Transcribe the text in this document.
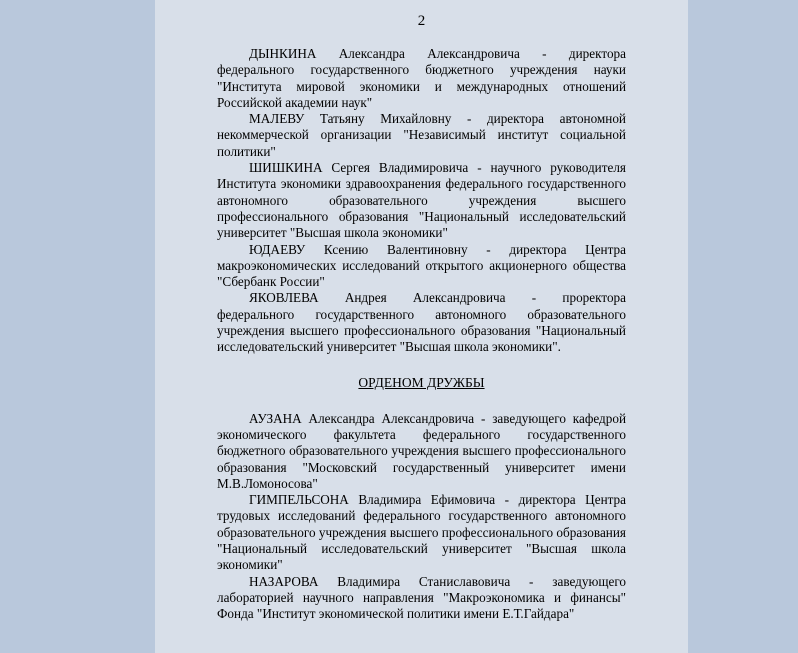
2
ДЫНКИНА Александра Александровича - директора
федерального государственного бюджетного учреждения науки "Института мировой экономики и международных отношений Российской академии наук"
МАЛЕВУ Татьяну Михайловну - директора автономной
некоммерческой организации "Независимый институт социальной политики"
ШИШКИНА Сергея Владимировича - научного руководителя
Института экономики здравоохранения федерального государственного автономного образовательного учреждения высшего профессионального образования "Национальный исследовательский университет "Высшая школа экономики"
ЮДАЕВУ Ксению Валентиновну - директора Центра
макроэкономических исследований открытого акционерного общества "Сбербанк России"
ЯКОВЛЕВА Андрея Александровича - проректора
федерального государственного автономного образовательного учреждения высшего профессионального образования "Национальный исследовательский университет "Высшая школа экономики".
ОРДЕНОМ ДРУЖБЫ
АУЗАНА Александра Александровича - заведующего кафедрой
экономического факультета федерального государственного бюджетного образовательного учреждения высшего профессионального образования "Московский государственный университет имени М.В.Ломоносова"
ГИМПЕЛЬСОНА Владимира Ефимовича - директора Центра
трудовых исследований федерального государственного автономного образовательного учреждения высшего профессионального образования "Национальный исследовательский университет "Высшая школа экономики"
НАЗАРОВА Владимира Станиславовича - заведующего
лабораторией научного направления "Макроэкономика и финансы" Фонда "Институт экономической политики имени Е.Т.Гайдара"
